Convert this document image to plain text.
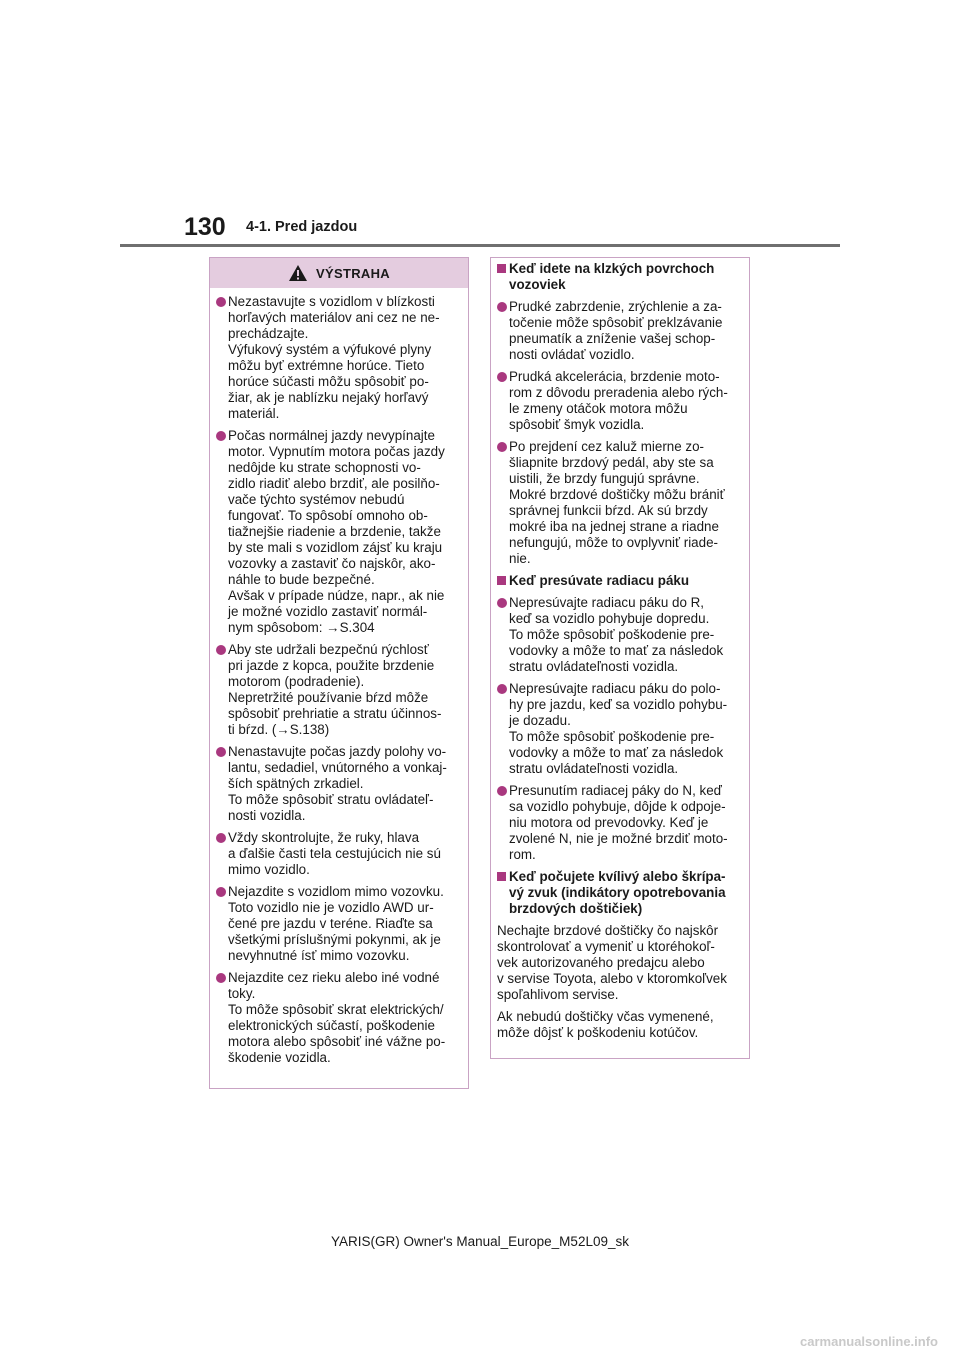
130 4-1. Pred jazdou
VÝSTRAHA
Nezastavujte s vozidlom v blízkosti
horľavých materiálov ani cez ne ne-
prechádzajte.
Výfukový systém a výfukové plyny
môžu byť extrémne horúce. Tieto
horúce súčasti môžu spôsobiť po-
žiar, ak je nablízku nejaký horľavý
materiál.
Počas normálnej jazdy nevypínajte
motor. Vypnutím motora počas jazdy
nedôjde ku strate schopnosti vo-
zidlo riadiť alebo brzdiť, ale posilňo-
vače týchto systémov nebudú
fungovať. To spôsobí omnoho ob-
tiažnejšie riadenie a brzdenie, takže
by ste mali s vozidlom zájsť ku kraju
vozovky a zastaviť čo najskôr, ako-
náhle to bude bezpečné.
Avšak v prípade núdze, napr., ak nie
je možné vozidlo zastaviť normál-
nym spôsobom: →S.304
Aby ste udržali bezpečnú rýchlosť
pri jazde z kopca, použite brzdenie
motorom (podradenie).
Nepretržité používanie bŕzd môže
spôsobiť prehriatie a stratu účinnos-
ti bŕzd. (→S.138)
Nenastavujte počas jazdy polohy vo-
lantu, sedadiel, vnútorného a vonkaj-
ších spätných zrkadiel.
To môže spôsobiť stratu ovládateľ-
nosti vozidla.
Vždy skontrolujte, že ruky, hlava
a ďalšie časti tela cestujúcich nie sú
mimo vozidlo.
Nejazdite s vozidlom mimo vozovku.
Toto vozidlo nie je vozidlo AWD ur-
čené pre jazdu v teréne. Riaďte sa
všetkými príslušnými pokynmi, ak je
nevyhnutné ísť mimo vozovku.
Nejazdite cez rieku alebo iné vodné
toky.
To môže spôsobiť skrat elektrických/
elektronických súčastí, poškodenie
motora alebo spôsobiť iné vážne po-
škodenie vozidla.
Keď idete na klzkých povrchoch
vozoviek
Prudké zabrzdenie, zrýchlenie a za-
točenie môže spôsobiť preklzávanie
pneumatík a zníženie vašej schop-
nosti ovládať vozidlo.
Prudká akcelerácia, brzdenie moto-
rom z dôvodu preradenia alebo rých-
le zmeny otáčok motora môžu
spôsobiť šmyk vozidla.
Po prejdení cez kaluž mierne zo-
šliapnite brzdový pedál, aby ste sa
uistili, že brzdy fungujú správne.
Mokré brzdové doštičky môžu brániť
správnej funkcii bŕzd. Ak sú brzdy
mokré iba na jednej strane a riadne
nefungujú, môže to ovplyvniť riade-
nie.
Keď presúvate radiacu páku
Nepresúvajte radiacu páku do R,
keď sa vozidlo pohybuje dopredu.
To môže spôsobiť poškodenie pre-
vodovky a môže to mať za následok
stratu ovládateľnosti vozidla.
Nepresúvajte radiacu páku do polo-
hy pre jazdu, keď sa vozidlo pohybu-
je dozadu.
To môže spôsobiť poškodenie pre-
vodovky a môže to mať za následok
stratu ovládateľnosti vozidla.
Presunutím radiacej páky do N, keď
sa vozidlo pohybuje, dôjde k odpoje-
niu motora od prevodovky. Keď je
zvolené N, nie je možné brzdiť moto-
rom.
Keď počujete kvílivý alebo škrípa-
vý zvuk (indikátory opotrebovania
brzdových doštičiek)
Nechajte brzdové doštičky čo najskôr
skontrolovať a vymeniť u ktoréhokoľ-
vek autorizovaného predajcu alebo
v servise Toyota, alebo v ktoromkoľvek
spoľahlivom servise.
Ak nebudú doštičky včas vymenené,
môže dôjsť k poškodeniu kotúčov.
YARIS(GR) Owner's Manual_Europe_M52L09_sk
carmanualsonline.info
